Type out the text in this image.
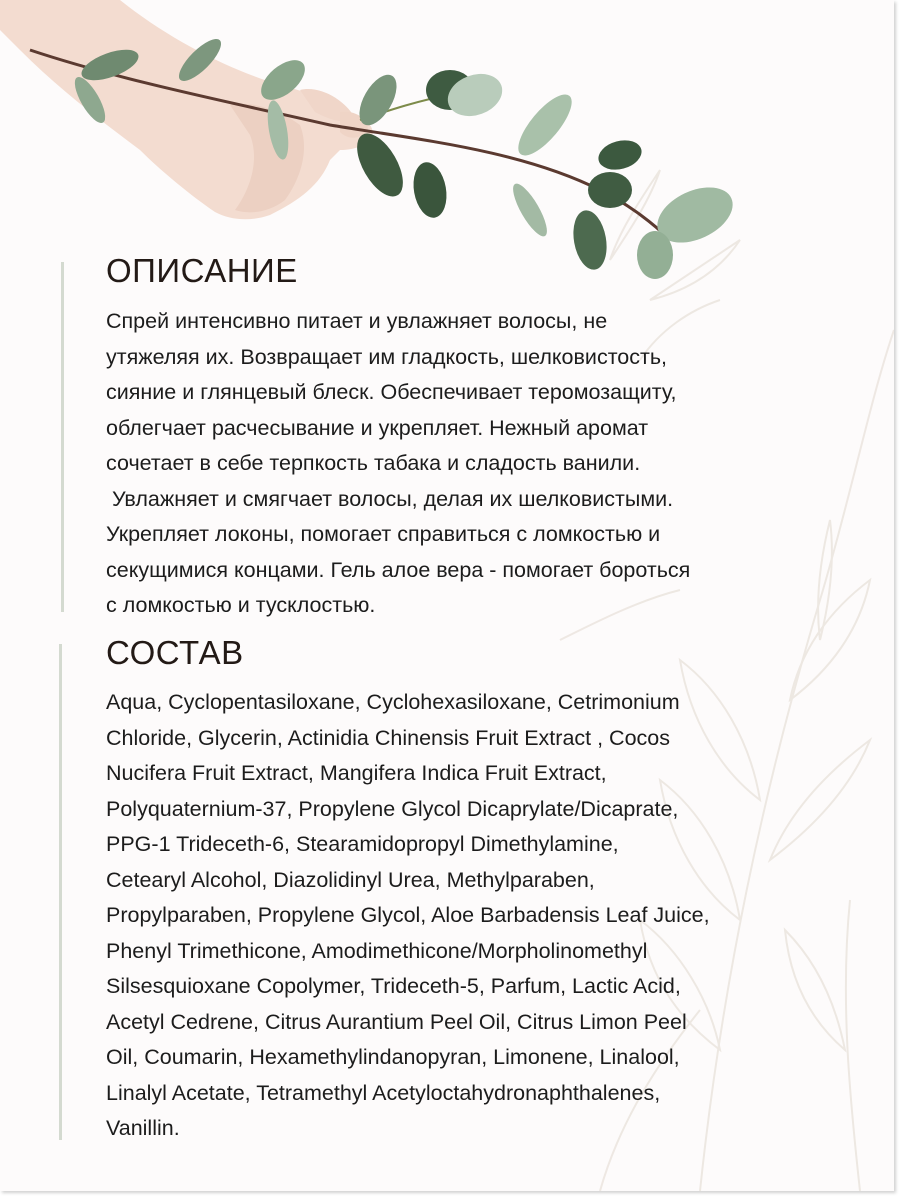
ОПИСАНИЕ

Спрей интенсивно питает и увлажняет волосы, не
утяжеляя их. Возвращает им гладкость, шелковистость,
сияние и глянцевый блеск. Обеспечивает теромозащиту,
облегчает расчесывание и укрепляет. Нежный аромат
сочетает в себе терпкость табака и сладость ванили.
Увлажняет и смягчает волосы, делая их шелковистыми.
Укрепляет локоны, помогает справиться с ломкостью и
секущимися концами. Гель алое вера - помогает бороться
с ломкостью и тусклостью.

СОСТАВ

Aqua, Cyclopentasiloxane, Cyclohexasiloxane, Cetrimonium
Chloride, Glycerin, Actinidia Chinensis Fruit Extract , Cocos
Nucifera Fruit Extract, Mangifera Indica Fruit Extract,
Polyquaternium-37, Propylene Glycol Dicaprylate/Dicaprate,
PPG-1 Trideceth-6, Stearamidopropyl Dimethylamine,
Cetearyl Alcohol, Diazolidinyl Urea, Methylparaben,
Propylparaben, Propylene Glycol, Aloe Barbadensis Leaf Juice,
Phenyl Trimethicone, Amodimethicone/Morpholinomethyl
Silsesquioxane Copolymer, Trideceth-5, Parfum, Lactic Acid,
Acetyl Cedrene, Citrus Aurantium Peel Oil, Citrus Limon Peel
Oil, Coumarin, Hexamethylindanopyran, Limonene, Linalool,
Linalyl Acetate, Tetramethyl Acetyloctahydronaphthalenes,
Vanillin.
